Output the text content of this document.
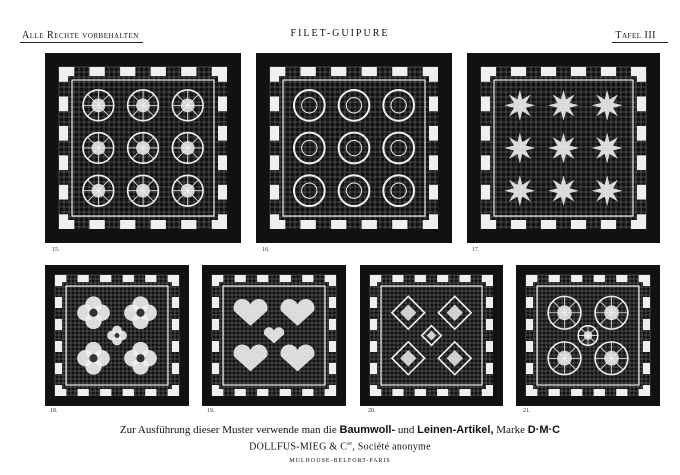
Alle Rechte vorbehalten	FILET-GUIPURE	Tafel III
15.	16.	17.
18.	19.	20.	21.
Zur Ausführung dieser Muster verwende man die Baumwoll- und Leinen-Artikel, Marke D·M·C
DOLLFUS-MIEG & $C^{ie}$, Société anonyme
MULHOUSE-BELFORT-PARIS
